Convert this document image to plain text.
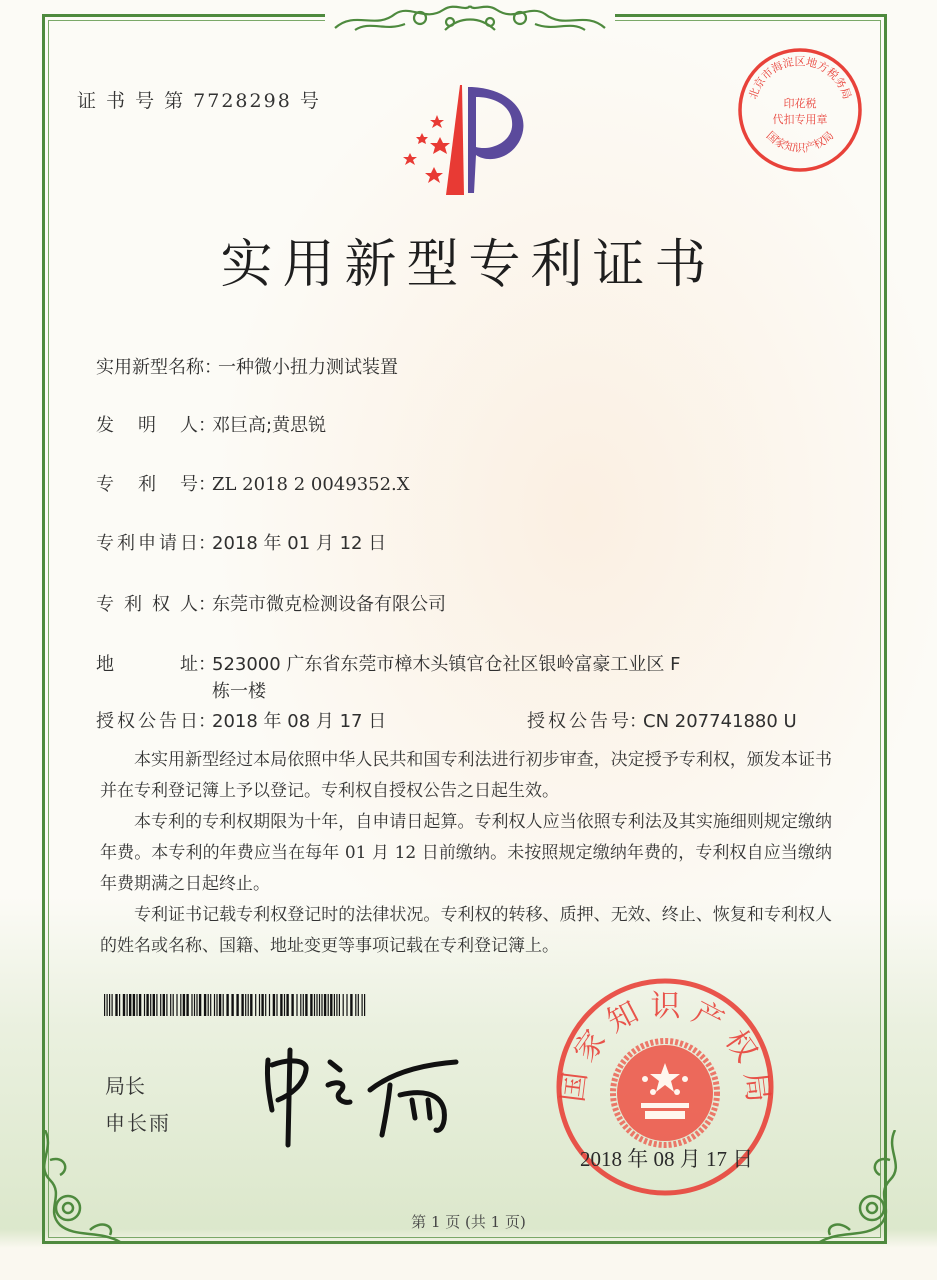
证 书 号 第 7728298 号	北京市海淀区地方税务局
国家知识产权局
印花税
代扣专用章
实用新型专利证书
实用新型名称：一种微小扭力测试装置
发 明 人：邓巨高;黄思锐
专 利 号：ZL 2018 2 0049352.X
专利申请日：2018 年 01 月 12 日
专 利 权 人：东莞市微克检测设备有限公司
地 址：523000 广东省东莞市樟木头镇官仓社区银岭富豪工业区 F
栋一楼
授权公告日：2018 年 08 月 17 日	授权公告号：CN 207741880 U

本实用新型经过本局依照中华人民共和国专利法进行初步审查，决定授予专利权，颁发本证书并在专利登记簿上予以登记。专利权自授权公告之日起生效。

本专利的专利权期限为十年，自申请日起算。专利权人应当依照专利法及其实施细则规定缴纳年费。本专利的年费应当在每年 01 月 12 日前缴纳。未按照规定缴纳年费的，专利权自应当缴纳年费期满之日起终止。

专利证书记载专利权登记时的法律状况。专利权的转移、质押、无效、终止、恢复和专利权人的姓名或名称、国籍、地址变更等事项记载在专利登记簿上。

局长
申长雨
国 家 知 识 产 权 局
2018 年 08 月 17 日
第 1 页 (共 1 页)
